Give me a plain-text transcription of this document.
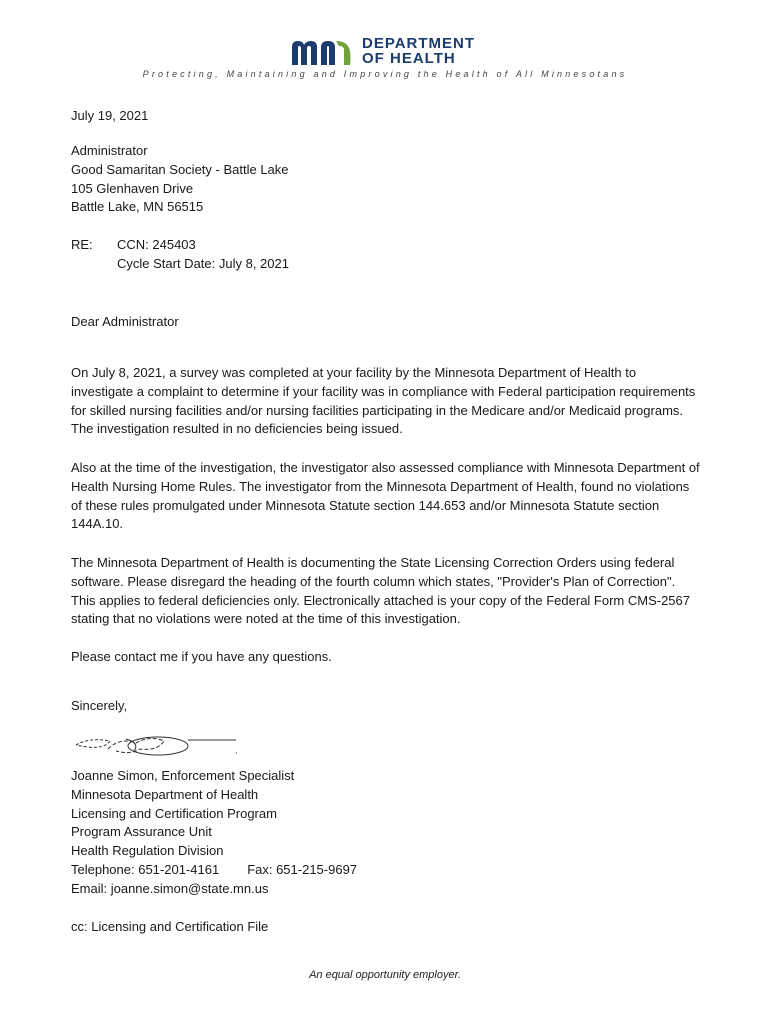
DEPARTMENT
OF HEALTH
Protecting, Maintaining and Improving the Health of All Minnesotans
July 19, 2021
Administrator
Good Samaritan Society - Battle Lake
105 Glenhaven Drive
Battle Lake, MN 56515
RE: CCN: 245403
Cycle Start Date: July 8, 2021
Dear Administrator

On July 8, 2021, a survey was completed at your facility by the Minnesota Department of Health to investigate a complaint to determine if your facility was in compliance with Federal participation requirements for skilled nursing facilities and/or nursing facilities participating in the Medicare and/or Medicaid programs. The investigation resulted in no deficiencies being issued.

Also at the time of the investigation, the investigator also assessed compliance with Minnesota Department of Health Nursing Home Rules. The investigator from the Minnesota Department of Health, found no violations of these rules promulgated under Minnesota Statute section 144.653 and/or Minnesota Statute section 144A.10.

The Minnesota Department of Health is documenting the State Licensing Correction Orders using federal software. Please disregard the heading of the fourth column which states, "Provider's Plan of Correction". This applies to federal deficiencies only. Electronically attached is your copy of the Federal Form CMS-2567 stating that no violations were noted at the time of this investigation.

Please contact me if you have any questions.

Sincerely,
Joanne Simon, Enforcement Specialist
Minnesota Department of Health
Licensing and Certification Program
Program Assurance Unit
Health Regulation Division
Telephone: 651-201-4161 Fax: 651-215-9697
Email: joanne.simon@state.mn.us
cc: Licensing and Certification File
An equal opportunity employer.
